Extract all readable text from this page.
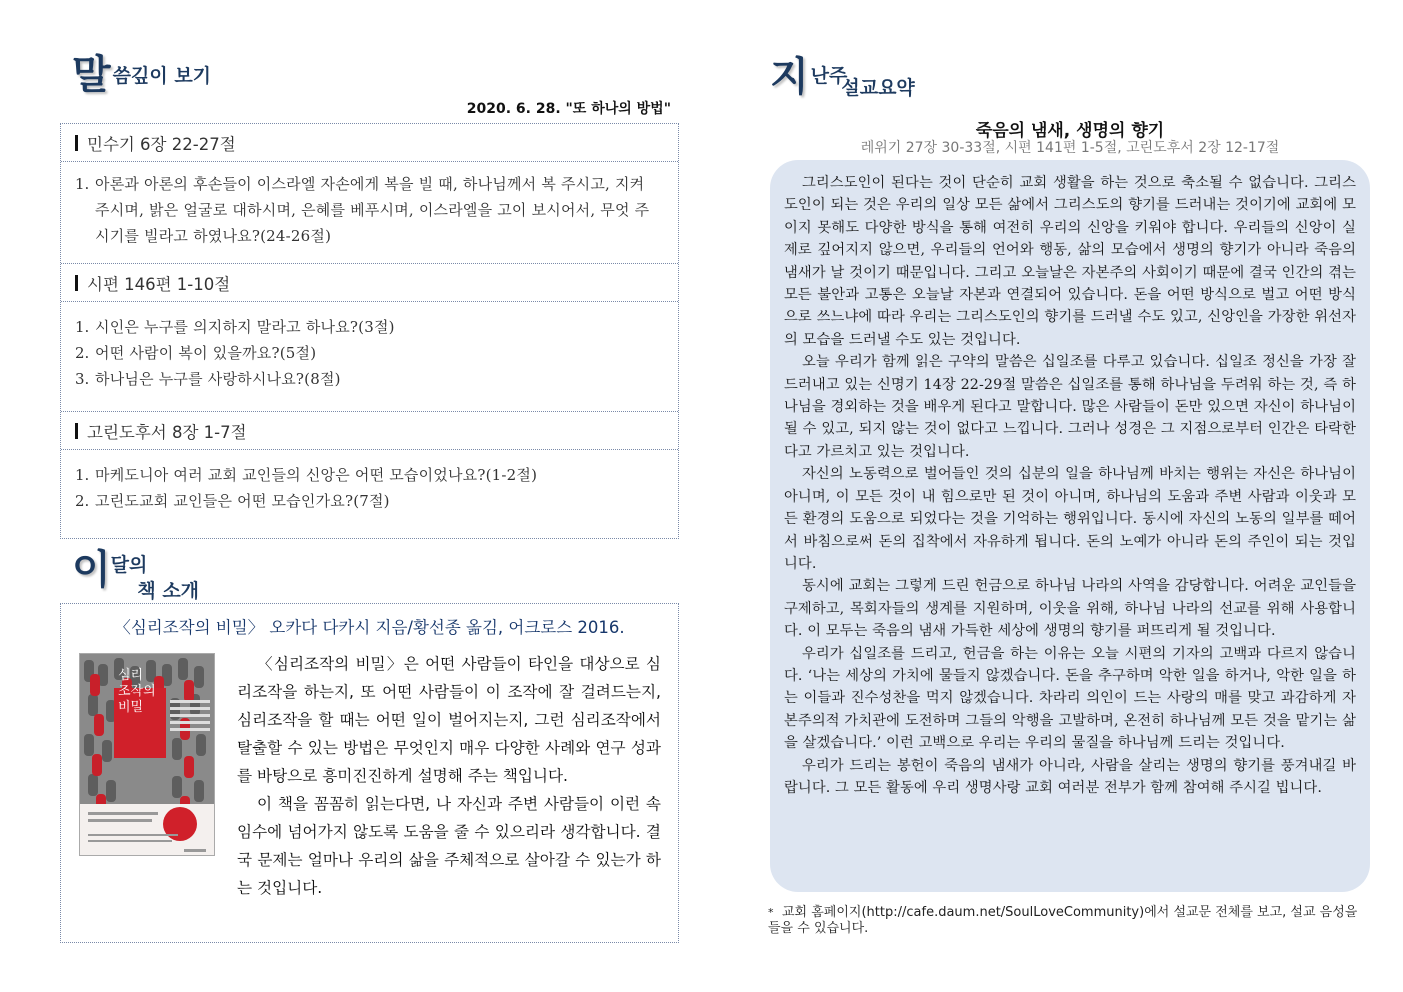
말씀깊이 보기
2020. 6. 28. "또 하나의 방법"
민수기 6장 22-27절
1. 아론과 아론의 후손들이 이스라엘 자손에게 복을 빌 때, 하나님께서 복 주시고, 지켜 주시며, 밝은 얼굴로 대하시며, 은혜를 베푸시며, 이스라엘을 고이 보시어서, 무엇 주시기를 빌라고 하였나요?(24-26절)
시편 146편 1-10절
1. 시인은 누구를 의지하지 말라고 하나요?(3절)
2. 어떤 사람이 복이 있을까요?(5절)
3. 하나님은 누구를 사랑하시나요?(8절)
고린도후서 8장 1-7절
1. 마케도니아 여러 교회 교인들의 신앙은 어떤 모습이었나요?(1-2절)
2. 고린도교회 교인들은 어떤 모습인가요?(7절)
이달의책 소개
〈심리조작의 비밀〉 오카다 다카시 지음/황선종 옮김, 어크로스 2016.
심리
조작의
비밀

〈심리조작의 비밀〉은 어떤 사람들이 타인을 대상으로 심리조작을 하는지, 또 어떤 사람들이 이 조작에 잘 걸려드는지, 심리조작을 할 때는 어떤 일이 벌어지는지, 그런 심리조작에서 탈출할 수 있는 방법은 무엇인지 매우 다양한 사례와 연구 성과를 바탕으로 흥미진진하게 설명해 주는 책입니다.

이 책을 꼼꼼히 읽는다면, 나 자신과 주변 사람들이 이런 속임수에 넘어가지 않도록 도움을 줄 수 있으리라 생각합니다. 결국 문제는 얼마나 우리의 삶을 주체적으로 살아갈 수 있는가 하는 것입니다.

지난주설교요약
죽음의 냄새, 생명의 향기
레위기 27장 30-33절, 시편 141편 1-5절, 고린도후서 2장 12-17절

그리스도인이 된다는 것이 단순히 교회 생활을 하는 것으로 축소될 수 없습니다. 그리스도인이 되는 것은 우리의 일상 모든 삶에서 그리스도의 향기를 드러내는 것이기에 교회에 모이지 못해도 다양한 방식을 통해 여전히 우리의 신앙을 키워야 합니다. 우리들의 신앙이 실제로 깊어지지 않으면, 우리들의 언어와 행동, 삶의 모습에서 생명의 향기가 아니라 죽음의 냄새가 날 것이기 때문입니다. 그리고 오늘날은 자본주의 사회이기 때문에 결국 인간의 겪는 모든 불안과 고통은 오늘날 자본과 연결되어 있습니다. 돈을 어떤 방식으로 벌고 어떤 방식으로 쓰느냐에 따라 우리는 그리스도인의 향기를 드러낼 수도 있고, 신앙인을 가장한 위선자의 모습을 드러낼 수도 있는 것입니다.

오늘 우리가 함께 읽은 구약의 말씀은 십일조를 다루고 있습니다. 십일조 정신을 가장 잘 드러내고 있는 신명기 14장 22-29절 말씀은 십일조를 통해 하나님을 두려워 하는 것, 즉 하나님을 경외하는 것을 배우게 된다고 말합니다. 많은 사람들이 돈만 있으면 자신이 하나님이 될 수 있고, 되지 않는 것이 없다고 느낍니다. 그러나 성경은 그 지점으로부터 인간은 타락한다고 가르치고 있는 것입니다.

자신의 노동력으로 벌어들인 것의 십분의 일을 하나님께 바치는 행위는 자신은 하나님이 아니며, 이 모든 것이 내 힘으로만 된 것이 아니며, 하나님의 도움과 주변 사람과 이웃과 모든 환경의 도움으로 되었다는 것을 기억하는 행위입니다. 동시에 자신의 노동의 일부를 떼어서 바침으로써 돈의 집착에서 자유하게 됩니다. 돈의 노예가 아니라 돈의 주인이 되는 것입니다.

동시에 교회는 그렇게 드린 헌금으로 하나님 나라의 사역을 감당합니다. 어려운 교인들을 구제하고, 목회자들의 생계를 지원하며, 이웃을 위해, 하나님 나라의 선교를 위해 사용합니다. 이 모두는 죽음의 냄새 가득한 세상에 생명의 향기를 퍼뜨리게 될 것입니다.

우리가 십일조를 드리고, 헌금을 하는 이유는 오늘 시편의 기자의 고백과 다르지 않습니다. ‘나는 세상의 가치에 물들지 않겠습니다. 돈을 추구하며 악한 일을 하거나, 악한 일을 하는 이들과 진수성찬을 먹지 않겠습니다. 차라리 의인이 드는 사랑의 매를 맞고 과감하게 자본주의적 가치관에 도전하며 그들의 악행을 고발하며, 온전히 하나님께 모든 것을 맡기는 삶을 살겠습니다.’ 이런 고백으로 우리는 우리의 물질을 하나님께 드리는 것입니다.

우리가 드리는 봉헌이 죽음의 냄새가 아니라, 사람을 살리는 생명의 향기를 풍겨내길 바랍니다. 그 모든 활동에 우리 생명사랑 교회 여러분 전부가 함께 참여해 주시길 빕니다.

* 교회 홈페이지(http://cafe.daum.net/SoulLoveCommunity)에서 설교문 전체를 보고, 설교 음성을 들을 수 있습니다.
